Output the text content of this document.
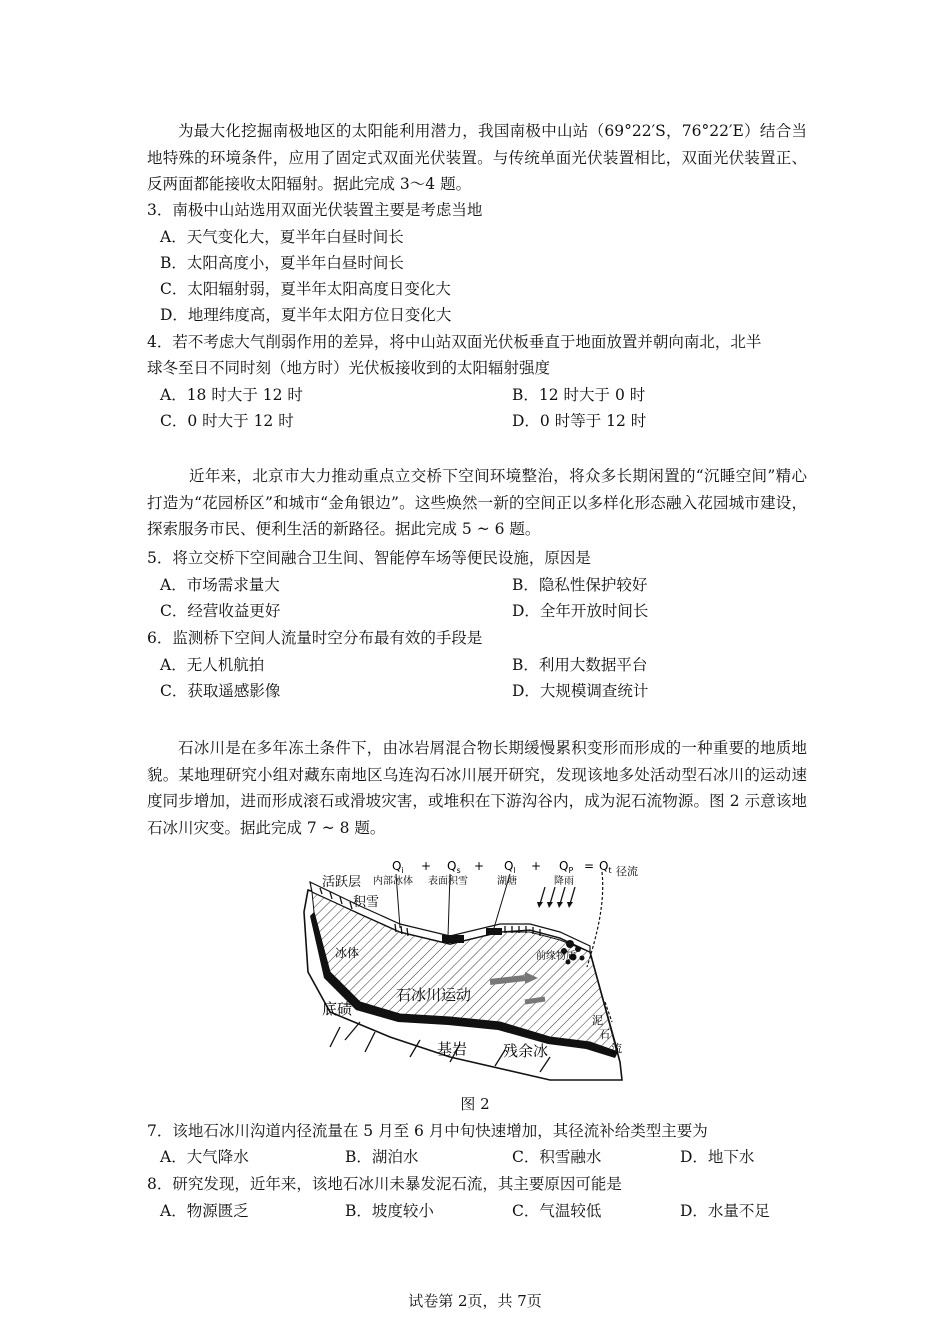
为最大化挖掘南极地区的太阳能利用潜力，我国南极中山站（69°22′S，76°22′E）结合当地特殊的环境条件，应用了固定式双面光伏装置。与传统单面光伏装置相比，双面光伏装置正、反两面都能接收太阳辐射。据此完成 3～4 题。
3．南极中山站选用双面光伏装置主要是考虑当地
A．天气变化大，夏半年白昼时间长
B．太阳高度小，夏半年白昼时间长
C．太阳辐射弱，夏半年太阳高度日变化大
D．地理纬度高，夏半年太阳方位日变化大
4．若不考虑大气削弱作用的差异，将中山站双面光伏板垂直于地面放置并朝向南北，北半
球冬至日不同时刻（地方时）光伏板接收到的太阳辐射强度
A．18 时大于 12 时	B．12 时大于 0 时
C．0 时大于 12 时	D．0 时等于 12 时
近年来，北京市大力推动重点立交桥下空间环境整治，将众多长期闲置的“沉睡空间”精心打造为“花园桥区”和城市“金角银边”。这些焕然一新的空间正以多样化形态融入花园城市建设，探索服务市民、便利生活的新路径。据此完成 5 ~ 6 题。
5．将立交桥下空间融合卫生间、智能停车场等便民设施，原因是
A．市场需求量大	B．隐私性保护较好
C．经营收益更好	D．全年开放时间长
6．监测桥下空间人流量时空分布最有效的手段是
A．无人机航拍	B．利用大数据平台
C．获取遥感影像	D．大规模调查统计
石冰川是在多年冻土条件下，由冰岩屑混合物长期缓慢累积变形而形成的一种重要的地质地貌。某地理研究小组对藏东南地区乌连沟石冰川展开研究，发现该地多处活动型石冰川的运动速度同步增加，进而形成滚石或滑坡灾害，或堆积在下游沟谷内，成为泥石流物源。图 2 示意该地石冰川灾变。据此完成 7 ~ 8 题。
$Q_i + Q_s + Q_l + Q_P = Q_t$ 径流
内部冰体 表面积雪	湖塘	降雨
活跃层
积雪
冰体	前缘物质
石冰川运动
底碛
基岩 残余冰
泥
石
流
图 2
7．该地石冰川沟道内径流量在 5 月至 6 月中旬快速增加，其径流补给类型主要为
A．大气降水	B．湖泊水	C．积雪融水	D．地下水
8．研究发现，近年来，该地石冰川未暴发泥石流，其主要原因可能是
A．物源匮乏	B．坡度较小	C．气温较低	D．水量不足
试卷第 2页，共 7页
